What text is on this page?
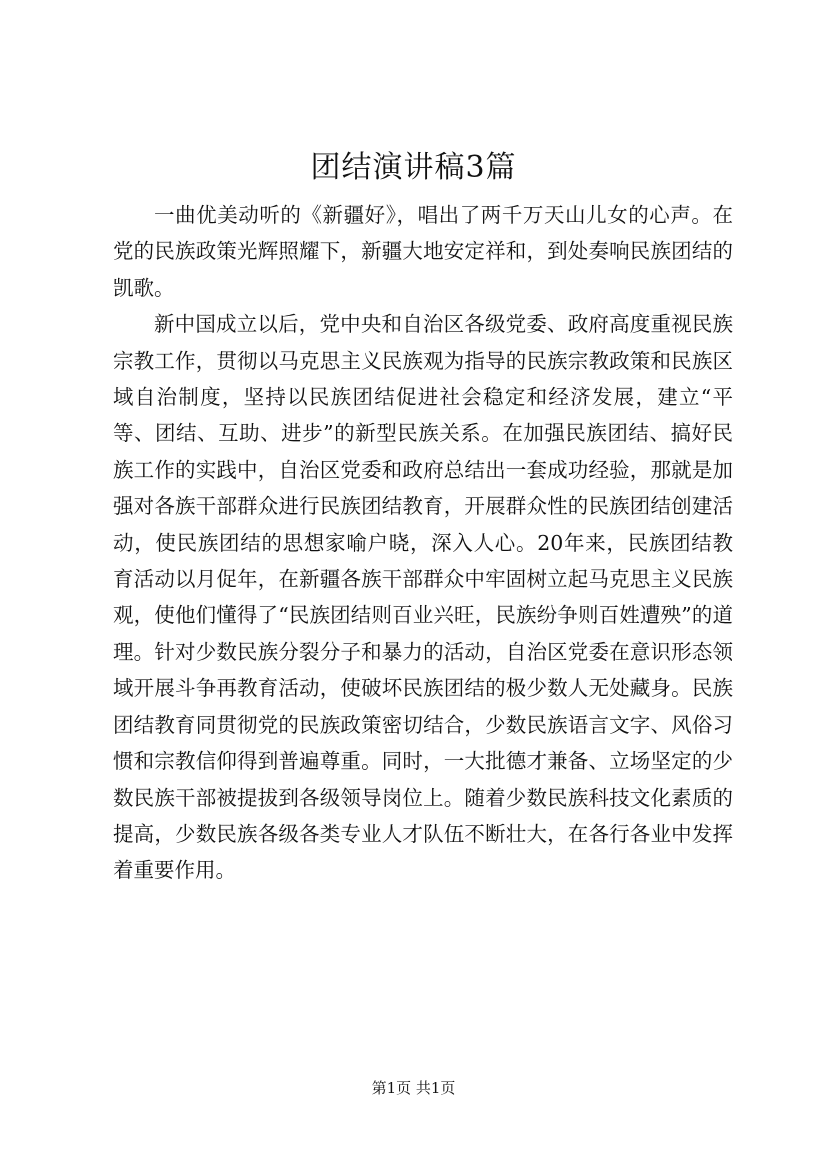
团结演讲稿3篇

一曲优美动听的《新疆好》，唱出了两千万天山儿女的心声。在党的民族政策光辉照耀下，新疆大地安定祥和，到处奏响民族团结的凯歌。

新中国成立以后，党中央和自治区各级党委、政府高度重视民族宗教工作，贯彻以马克思主义民族观为指导的民族宗教政策和民族区域自治制度，坚持以民族团结促进社会稳定和经济发展，建立“平等、团结、互助、进步”的新型民族关系。在加强民族团结、搞好民族工作的实践中，自治区党委和政府总结出一套成功经验，那就是加强对各族干部群众进行民族团结教育，开展群众性的民族团结创建活动，使民族团结的思想家喻户晓，深入人心。20年来，民族团结教育活动以月促年，在新疆各族干部群众中牢固树立起马克思主义民族观，使他们懂得了“民族团结则百业兴旺，民族纷争则百姓遭殃”的道理。针对少数民族分裂分子和暴力的活动，自治区党委在意识形态领域开展斗争再教育活动，使破坏民族团结的极少数人无处藏身。民族团结教育同贯彻党的民族政策密切结合，少数民族语言文字、风俗习惯和宗教信仰得到普遍尊重。同时，一大批德才兼备、立场坚定的少数民族干部被提拔到各级领导岗位上。随着少数民族科技文化素质的提高，少数民族各级各类专业人才队伍不断壮大，在各行各业中发挥着重要作用。

第1页 共1页
